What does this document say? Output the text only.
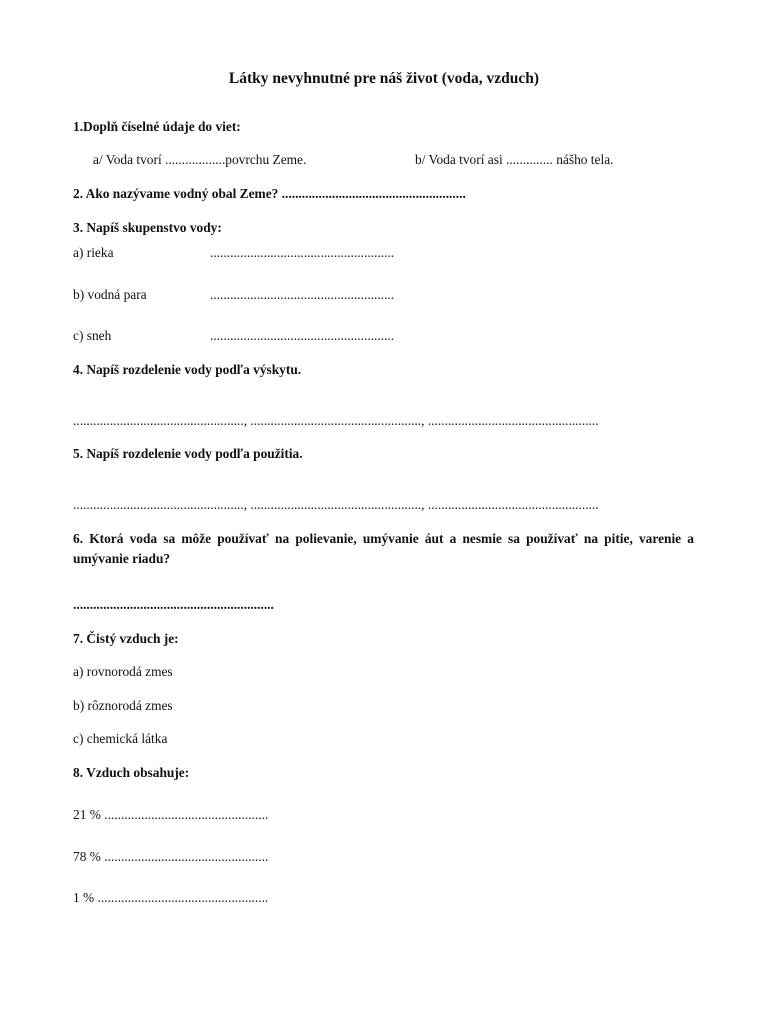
Látky nevyhnutné pre náš život (voda, vzduch)
1.Doplň číselné údaje do viet:
a/ Voda tvorí ..................povrchu Zeme.	b/ Voda tvorí asi .............. nášho tela.
2. Ako nazývame vodný obal Zeme? .......................................................
3. Napíš skupenstvo vody:
a) rieka	.......................................................
b) vodná para	.......................................................
c) sneh	.......................................................
4. Napíš rozdelenie vody podľa výskytu.
..................................................., ..................................................., ...................................................
5. Napíš rozdelenie vody podľa použitia.
..................................................., ..................................................., ...................................................
6. Ktorá voda sa môže používať na polievanie, umývanie áut a nesmie sa používať na pitie, varenie a umývanie riadu?
............................................................
7. Čistý vzduch je:
a) rovnorodá zmes
b) rôznorodá zmes
c) chemická látka
8. Vzduch obsahuje:
21 % .................................................
78 % .................................................
1 % ...................................................
